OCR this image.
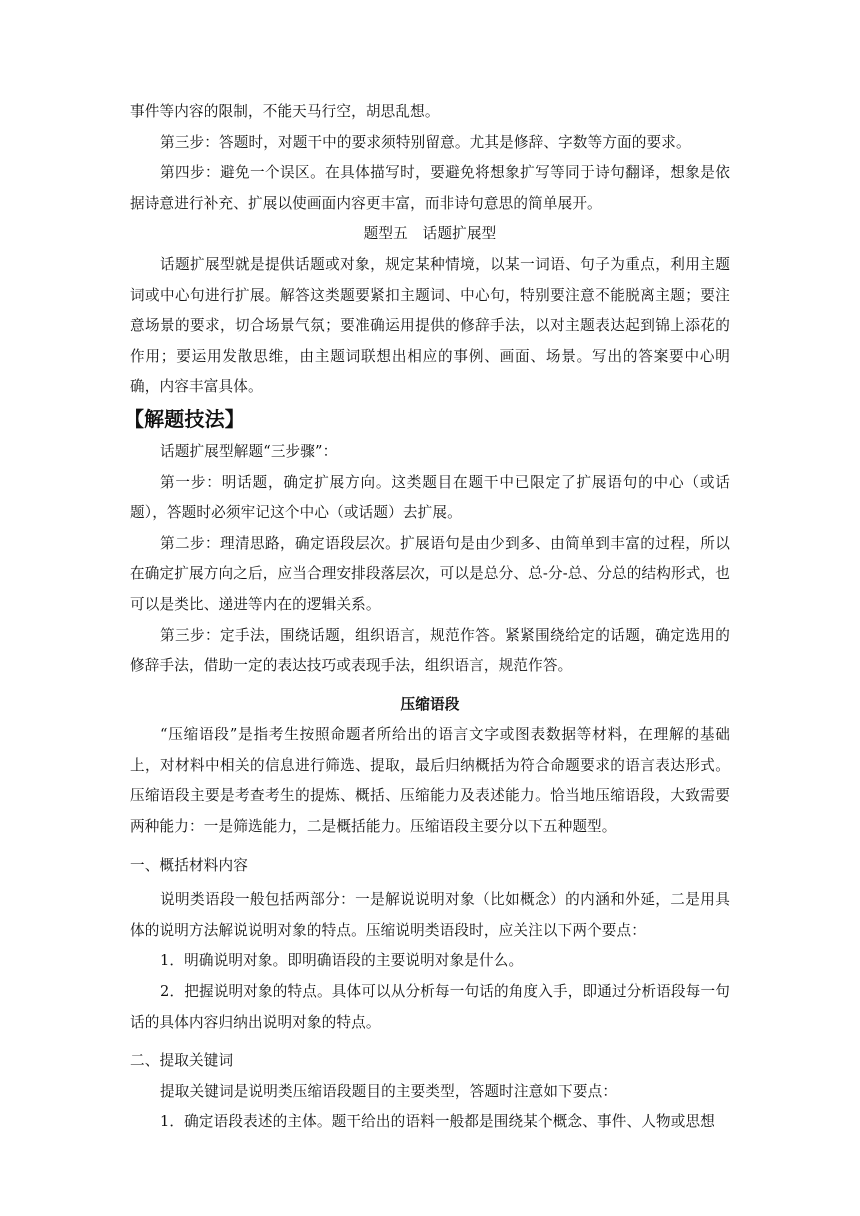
事件等内容的限制，不能天马行空，胡思乱想。

第三步：答题时，对题干中的要求须特别留意。尤其是修辞、字数等方面的要求。

第四步：避免一个误区。在具体描写时，要避免将想象扩写等同于诗句翻译，想象是依据诗意进行补充、扩展以使画面内容更丰富，而非诗句意思的简单展开。

题型五　话题扩展型

话题扩展型就是提供话题或对象，规定某种情境，以某一词语、句子为重点，利用主题词或中心句进行扩展。解答这类题要紧扣主题词、中心句，特别要注意不能脱离主题；要注意场景的要求，切合场景气氛；要准确运用提供的修辞手法，以对主题表达起到锦上添花的作用；要运用发散思维，由主题词联想出相应的事例、画面、场景。写出的答案要中心明确，内容丰富具体。

【解题技法】

话题扩展型解题“三步骤”：

第一步：明话题，确定扩展方向。这类题目在题干中已限定了扩展语句的中心（或话题），答题时必须牢记这个中心（或话题）去扩展。

第二步：理清思路，确定语段层次。扩展语句是由少到多、由简单到丰富的过程，所以在确定扩展方向之后，应当合理安排段落层次，可以是总分、总-分-总、分总的结构形式，也可以是类比、递进等内在的逻辑关系。

第三步：定手法，围绕话题，组织语言，规范作答。紧紧围绕给定的话题，确定选用的修辞手法，借助一定的表达技巧或表现手法，组织语言，规范作答。

压缩语段

“压缩语段”是指考生按照命题者所给出的语言文字或图表数据等材料，在理解的基础上，对材料中相关的信息进行筛选、提取，最后归纳概括为符合命题要求的语言表达形式。压缩语段主要是考查考生的提炼、概括、压缩能力及表述能力。恰当地压缩语段，大致需要两种能力：一是筛选能力，二是概括能力。压缩语段主要分以下五种题型。

一、概括材料内容

说明类语段一般包括两部分：一是解说说明对象（比如概念）的内涵和外延，二是用具体的说明方法解说说明对象的特点。压缩说明类语段时，应关注以下两个要点：

1．明确说明对象。即明确语段的主要说明对象是什么。

2．把握说明对象的特点。具体可以从分析每一句话的角度入手，即通过分析语段每一句话的具体内容归纳出说明对象的特点。

二、提取关键词

提取关键词是说明类压缩语段题目的主要类型，答题时注意如下要点：

1．确定语段表述的主体。题干给出的语料一般都是围绕某个概念、事件、人物或思想
